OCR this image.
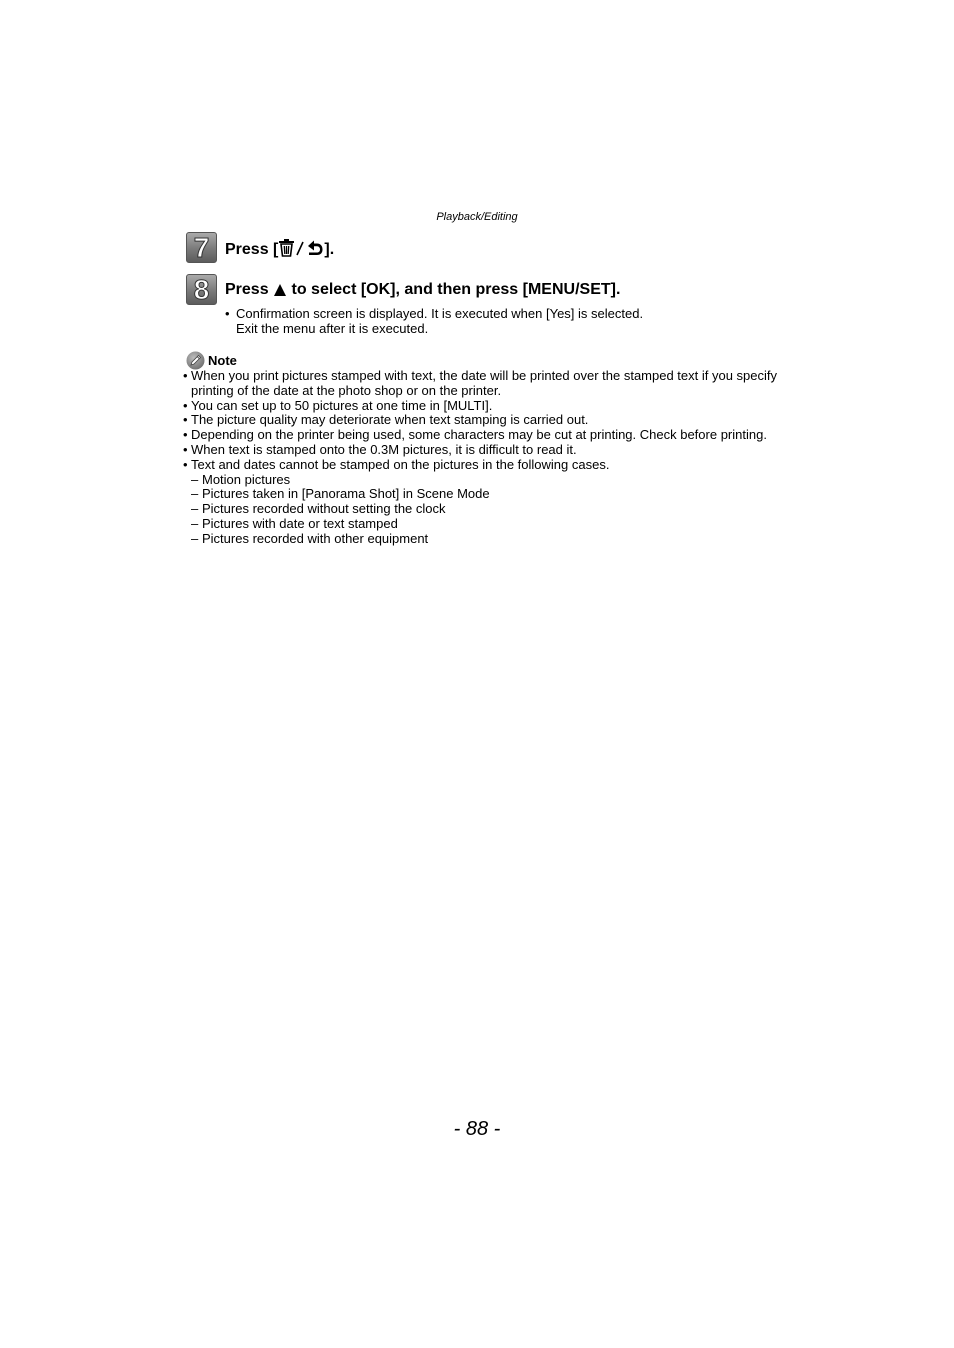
Playback/Editing
7 Press [	].
8 Press  to select [OK], and then press [MENU/SET].
• Confirmation screen is displayed. It is executed when [Yes] is selected.
Exit the menu after it is executed.
Note
• When you print pictures stamped with text, the date will be printed over the stamped text if you specify printing of the date at the photo shop or on the printer.
• You can set up to 50 pictures at one time in [MULTI].
• The picture quality may deteriorate when text stamping is carried out.
• Depending on the printer being used, some characters may be cut at printing. Check before printing.
• When text is stamped onto the 0.3M pictures, it is difficult to read it.
• Text and dates cannot be stamped on the pictures in the following cases.
– Motion pictures
– Pictures taken in [Panorama Shot] in Scene Mode
– Pictures recorded without setting the clock
– Pictures with date or text stamped
– Pictures recorded with other equipment
- 88 -
